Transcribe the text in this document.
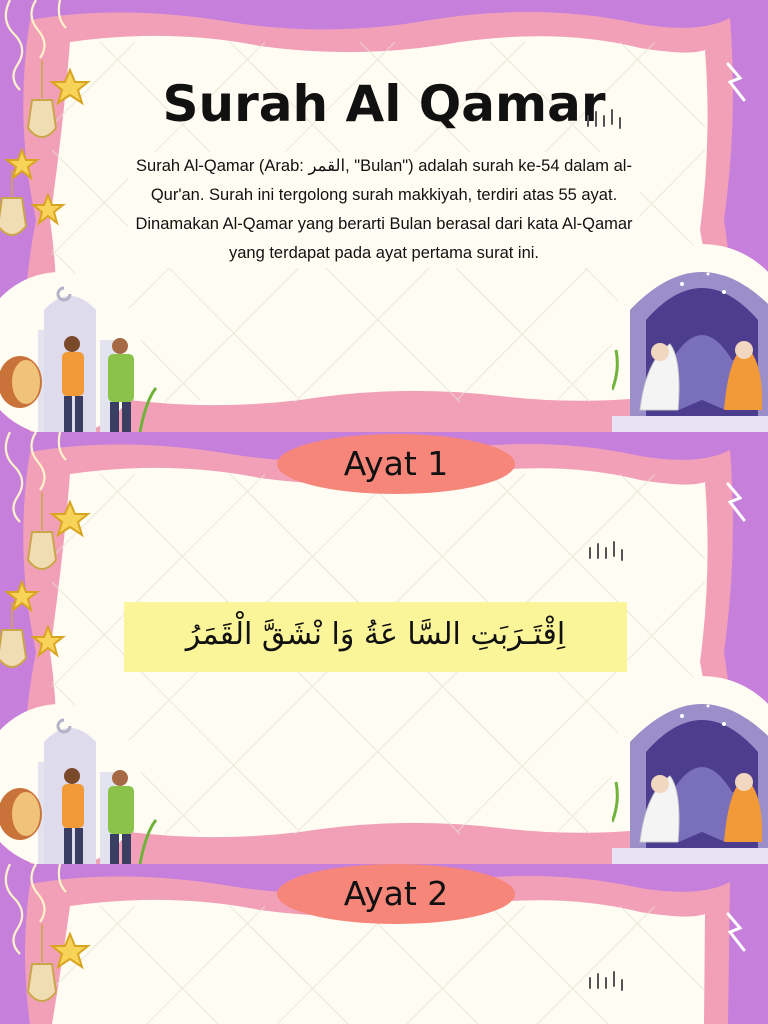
Surah Al Qamar
Surah Al-Qamar (Arab: القمر, "Bulan") adalah surah ke-54 dalam al-Qur'an. Surah ini tergolong surah makkiyah, terdiri atas 55 ayat. Dinamakan Al-Qamar yang berarti Bulan berasal dari kata Al-Qamar yang terdapat pada ayat pertama surat ini.
Ayat 1
اِقْتَـرَبَتِ السَّا عَةُ وَا نْشَقَّ الْقَمَرُ
Ayat 2
